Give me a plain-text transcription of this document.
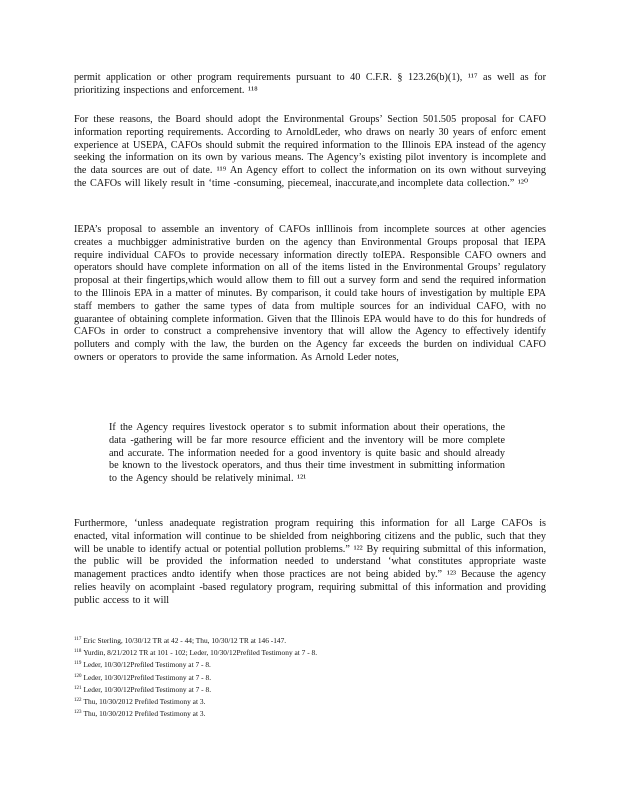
permit application or other program requirements pursuant to 40 C.F.R. § 123.26(b)(1), ¹¹⁷ as well as for prioritizing inspections and enforcement. ¹¹⁸

For these reasons, the Board should adopt the Environmental Groups’ Section 501.505 proposal for CAFO information reporting requirements. According to ArnoldLeder, who draws on nearly 30 years of enforc ement experience at USEPA, CAFOs should submit the required information to the Illinois EPA instead of the agency seeking the information on its own by various means. The Agency’s existing pilot inventory is incomplete and the data sources are out of date. ¹¹⁹ An Agency effort to collect the information on its own without surveying the CAFOs will likely result in ‘time -consuming, piecemeal, inaccurate,and incomplete data collection.” ¹²⁰

IEPA’s proposal to assemble an inventory of CAFOs inIllinois from incomplete sources at other agencies creates a muchbigger administrative burden on the agency than Environmental Groups proposal that IEPA require individual CAFOs to provide necessary information directly toIEPA. Responsible CAFO owners and operators should have complete information on all of the items listed in the Environmental Groups’ regulatory proposal at their fingertips,which would allow them to fill out a survey form and send the required information to the Illinois EPA in a matter of minutes. By comparison, it could take hours of investigation by multiple EPA staff members to gather the same types of data from multiple sources for an individual CAFO, with no guarantee of obtaining complete information. Given that the Illinois EPA would have to do this for hundreds of CAFOs in order to construct a comprehensive inventory that will allow the Agency to effectively identify polluters and comply with the law, the burden on the Agency far exceeds the burden on individual CAFO owners or operators to provide the same information. As Arnold Leder notes,

If the Agency requires livestock operator s to submit information about their operations, the data -gathering will be far more resource efficient and the inventory will be more complete and accurate. The information needed for a good inventory is quite basic and should already be known to the livestock operators, and thus their time investment in submitting information to the Agency should be relatively minimal. ¹²¹

Furthermore, ‘unless anadequate registration program requiring this information for all Large CAFOs is enacted, vital information will continue to be shielded from neighboring citizens and the public, such that they will be unable to identify actual or potential pollution problems.” ¹²² By requiring submittal of this information, the public will be provided the information needed to understand ‘what constitutes appropriate waste management practices andto identify when those practices are not being abided by.” ¹²³ Because the agency relies heavily on acomplaint -based regulatory program, requiring submittal of this information and providing public access to it will

$^{117}$ Eric Sterling, 10/30/12 TR at 42 - 44; Thu, 10/30/12 TR at 146 -147.
$^{118}$ Yurdin, 8/21/2012 TR at 101 - 102; Leder, 10/30/12Prefiled Testimony at 7 - 8.
$^{119}$ Leder, 10/30/12Prefiled Testimony at 7 - 8.
$^{120}$ Leder, 10/30/12Prefiled Testimony at 7 - 8.
$^{121}$ Leder, 10/30/12Prefiled Testimony at 7 - 8.
$^{122}$ Thu, 10/30/2012 Prefiled Testimony at 3.
$^{123}$ Thu, 10/30/2012 Prefiled Testimony at 3.
